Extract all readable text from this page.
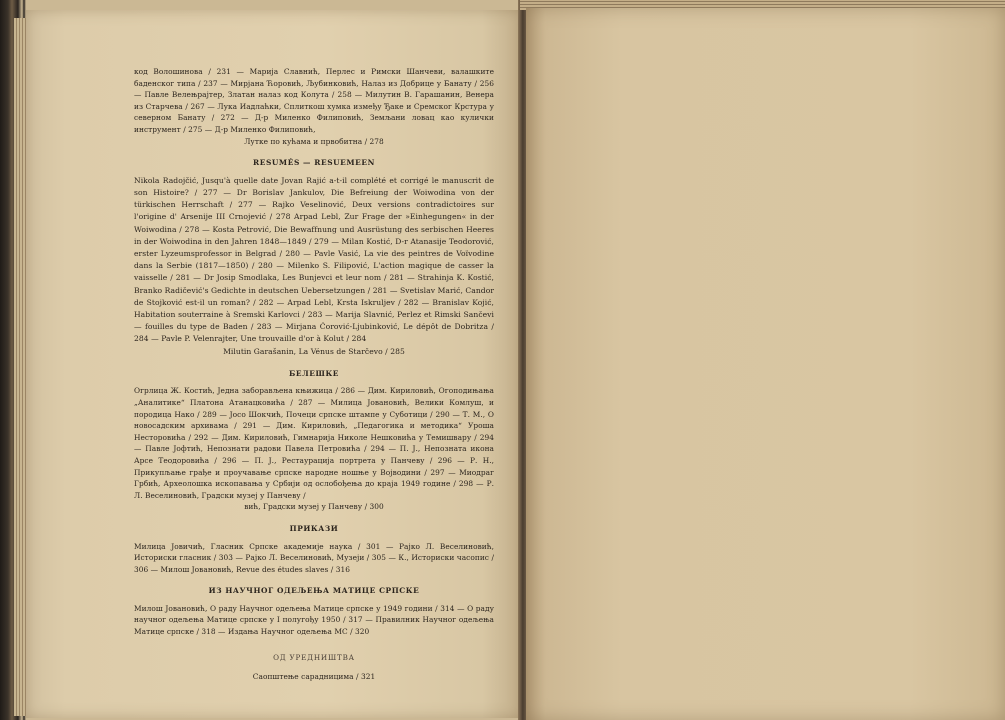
код Волошинова / 231 — Марија Славнић, Перлес и Римски Шанчеви, валашките баденског типа / 237 — Мирјана Ћоровић, Љубинковић, Налаз из Добрице у Банату / 256 — Павле Велењрајтер, Златан налаз код Колута / 258 — Милутин В. Гарашанин, Венера из Старчева / 267 — Лука Иадлаћки, Сплиткош хумка између Ђаке и Сремског Крстура у северном Банату / 272 — Д-р Миленко Филиповић, Земљани ловац као кулички инструмент / 275 — Д-р Миленко Филиповић,

Лутке по кућама и првобитна / 278

RESUMÉS — RESUEMEEN

Nikola Radojčić, Jusqu'à quelle date Jovan Rajić a-t-il complété et corrigé le manuscrit de son Histoire? / 277 — Dr Borislav Jankulov, Die Befreiung der Woiwodina von der türkischen Herrschaft / 277 — Rajko Veselinović, Deux versions contradictoires sur l'origine d' Arsenije III Crnojević / 278 Arpad Lebl, Zur Frage der »Einhegungen« in der Woiwodina / 278 — Kosta Petrović, Die Bewaffnung und Ausrüstung des serbischen Heeres in der Woiwodina in den Jahren 1848—1849 / 279 — Milan Kostić, D-r Atanasije Teodorović, erster Lyzeumsprofessor in Belgrad / 280 — Pavle Vasić, La vie des peintres de Voïvodine dans la Serbie (1817—1850) / 280 — Milenko S. Filipović, L'action magique de casser la vaisselle / 281 — Dr Josip Smodlaka, Les Bunjevci et leur nom / 281 — Strahinja K. Kostić, Branko Radičević's Gedichte in deutschen Uebersetzungen / 281 — Svetislav Marić, Candor de Stojković est-il un roman? / 282 — Arpad Lebl, Krsta Iskruljev / 282 — Branislav Kojić, Habitation souterraine à Sremski Karlovci / 283 — Marija Slavnić, Perlez et Rimski Sančevi — fouilles du type de Baden / 283 — Mirjana Ćorović-Ljubinković, Le dépôt de Dobritza / 284 — Pavle P. Velenrajter, Une trouvaille d'or à Kolut / 284

Milutin Garašanin, La Vénus de Starčevo / 285

БЕЛЕШКЕ

Огрлица Ж. Костић, Једна заборављена књижица / 286 — Дим. Кириловић, Огоподињања „Аналитике“ Платона Атанацковића / 287 — Милица Јовановић, Велики Комлуш, и породица Нако / 289 — Јосо Шокчић, Почеци српске штампе у Суботици / 290 — Т. М., О новосадским архивама / 291 — Дим. Кириловић, „Педагогика и методика“ Уроша Несторовића / 292 — Дим. Кириловић, Гимнарија Николе Нешковића у Темишвару / 294 — Павле Јофтић, Непознати радови Павела Петровића / 294 — П. Ј., Непозната икона Арсе Теодоровића / 296 — П. Ј., Рестаурација портрета у Панчеву / 296 — Р. Н., Прикупљање грађе и проучавање српске народне ношње у Војводини / 297 — Миодраг Грбић, Археолошка ископавања у Србији од ослобођења до краја 1949 године / 298 — Р. Л. Веселиновић, Градски музеј у Панчеву /

вић, Градски музеј у Панчеву / 300

ПРИКАЗИ

Милица Јовичић, Гласник Српске академије наука / 301 — Рајко Л. Веселиновић, Историски гласник / 303 — Рајко Л. Веселиновић, Музеји / 305 — К., Историски часопис / 306 — Милош Јовановић, Revue des études slaves / 316

ИЗ НАУЧНОГ ОДЕЉЕЊА МАТИЦЕ СРПСКЕ

Милош Јовановић, О раду Научног одељења Матице српске у 1949 години / 314 — О раду научног одељења Матице српске у I полугођу 1950 / 317 — Правилник Научног одељења Матице српске / 318 — Издања Научног одељења МС / 320

ОД УРЕДНИШТВА

Саопштење сарадницима / 321
